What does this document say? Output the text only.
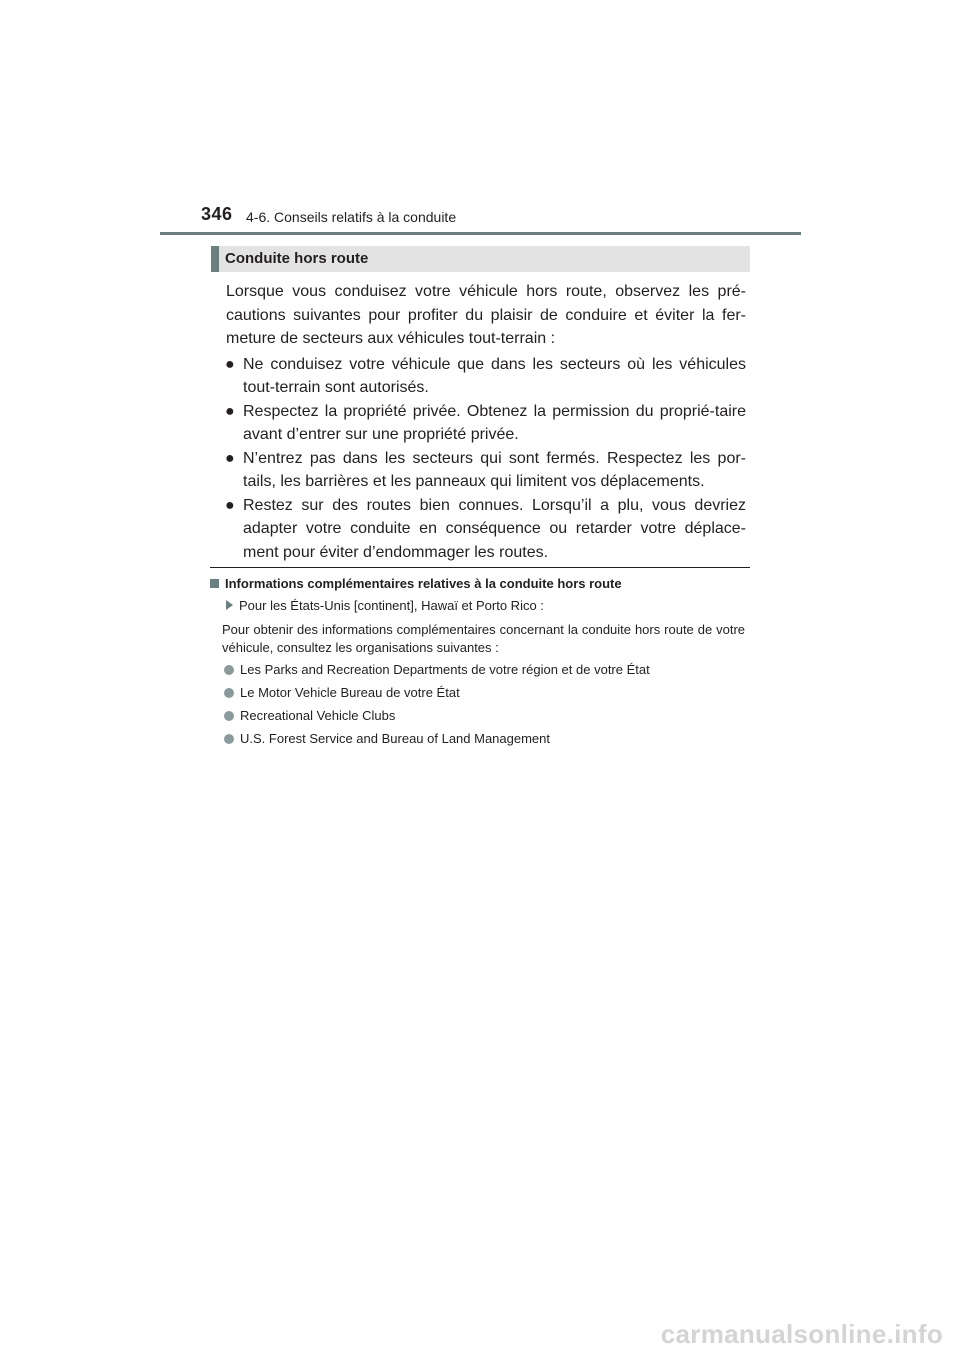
346 4-6. Conseils relatifs à la conduite
Conduite hors route

Lorsque vous conduisez votre véhicule hors route, observez les pré-cautions suivantes pour profiter du plaisir de conduire et éviter la fer-meture de secteurs aux véhicules tout-terrain :

● Ne conduisez votre véhicule que dans les secteurs où les véhicules tout-terrain sont autorisés.
● Respectez la propriété privée. Obtenez la permission du proprié-taire avant d’entrer sur une propriété privée.
● N’entrez pas dans les secteurs qui sont fermés. Respectez les por-tails, les barrières et les panneaux qui limitent vos déplacements.
● Restez sur des routes bien connues. Lorsqu’il a plu, vous devriez adapter votre conduite en conséquence ou retarder votre déplace-ment pour éviter d’endommager les routes.
Informations complémentaires relatives à la conduite hors route
Pour les États-Unis [continent], Hawaï et Porto Rico :
Pour obtenir des informations complémentaires concernant la conduite hors route de votre véhicule, consultez les organisations suivantes :
Les Parks and Recreation Departments de votre région et de votre État
Le Motor Vehicle Bureau de votre État
Recreational Vehicle Clubs
U.S. Forest Service and Bureau of Land Management
carmanualsonline.info
